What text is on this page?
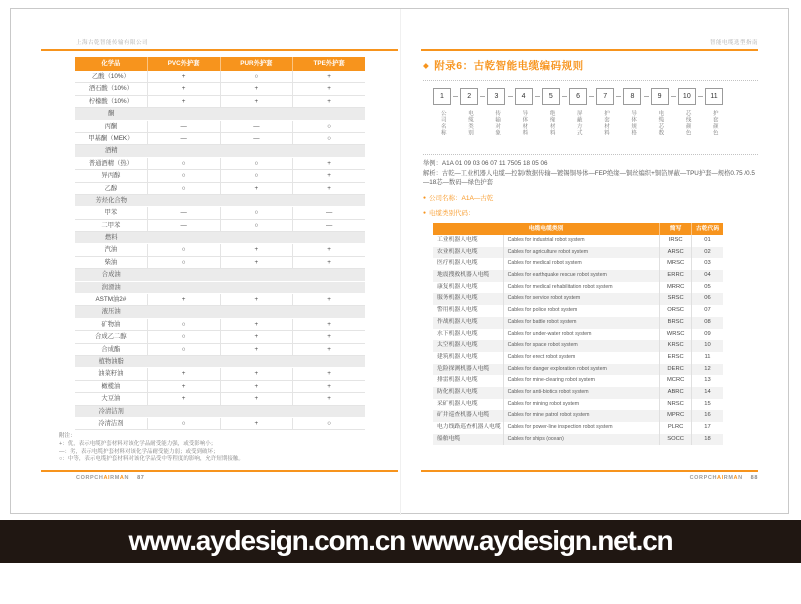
上海古乾智能传输有限公司
化学品	PVC外护套	PUR外护套	TPE外护套
乙酸（10%）	+	○	+
酒石酸（10%）	+	+	+
柠檬酸（10%）	+	+	+
酮
丙酮	—	—	○
甲基酮（MEK）	—	—	○
酒精
普通酒精（热）	○	○	+
异丙醇	○	○	+
乙醇	○	+	+
芳烃化合物
甲苯	—	○	—
二甲苯	—	○	—
燃料
汽油	○	+	+
柴油	○	+	+
合成油
润滑油
ASTM油2#	+	+	+
液压油
矿物油	○	+	+
合成乙二醇	○	+	+
合成酯	○	+	+
植物油脂
油菜籽油	+	+	+
橄榄油	+	+	+
大豆油	+	+	+
冷清洁剂
冷清洁剂	○	+	○
附注：
+：优，表示电缆护套材料对该化学品耐受能力强，或受影响小；
—：劣，表示电缆护套材料对该化学品耐受能力弱；或受到破坏；
○：中等，表示电缆护套材料对该化学品受中等程度的影响，允许短期接触。
CORPCHAIRMAN 87
智能电缆选型指南
◆ 附录6：古乾智能电缆编码规则
1	2	3	4	5	6	7	8	9	10	11
公司名称	电缆类别	传输对象	导体材料	绝缘材料	屏蔽方式	护套材料	导体规格	电缆芯数	芯线颜色	护套颜色
举例：A1A 01 09 03 06 07 11 7505 18 05 06
解析：古乾—工业机器人电缆—控制/数据传输—镀锡铜导体—FEP绝缘—铜丝编织+铜箔屏蔽—TPU护套—规格0.75 /0.5—18芯—数码—绿色护套
● 公司名称：A1A—古乾
● 电缆类别代码：
电缆电缆类别	简写	古乾代码
工业机器人电缆	Cables for industrial robot system	IRSC	01
农业机器人电缆	Cables for agriculture robot system	ARSC	02
医疗机器人电缆	Cables for medical robot system	MRSC	03
地震搜救机器人电缆	Cables for earthquake rescue robot system	ERRC	04
康复机器人电缆	Cables for medical rehabilitation robot system	MRRC	05
服务机器人电缆	Cables for service robot system	SRSC	06
警用机器人电缆	Cables for police robot system	ORSC	07
作战机器人电缆	Cables for battle robot system	BRSC	08
水下机器人电缆	Cables for under-water robot system	WRSC	09
太空机器人电缆	Cables for space robot system	KRSC	10
建筑机器人电缆	Cables for erect robot system	ERSC	11
危险探测机器人电缆	Cables for danger exploration robot system	DERC	12
排雷机器人电缆	Cables for mine-clearing robot system	MCRC	13
防化机器人电缆	Cables for anti-biotics robot system	ABRC	14
采矿机器人电缆	Cables for mining robot system	NRSC	15
矿井巡查机器人电缆	Cables for mine patrol robot system	MPRC	16
电力线路巡查机器人电缆	Cables for power-line inspection robot system	PLRC	17
船舶电缆	Cables for ships (ocean)	SOCC	18
CORPCHAIRMAN 88
www.aydesign.com.cn www.aydesign.net.cn 24Hotline:15601814031
